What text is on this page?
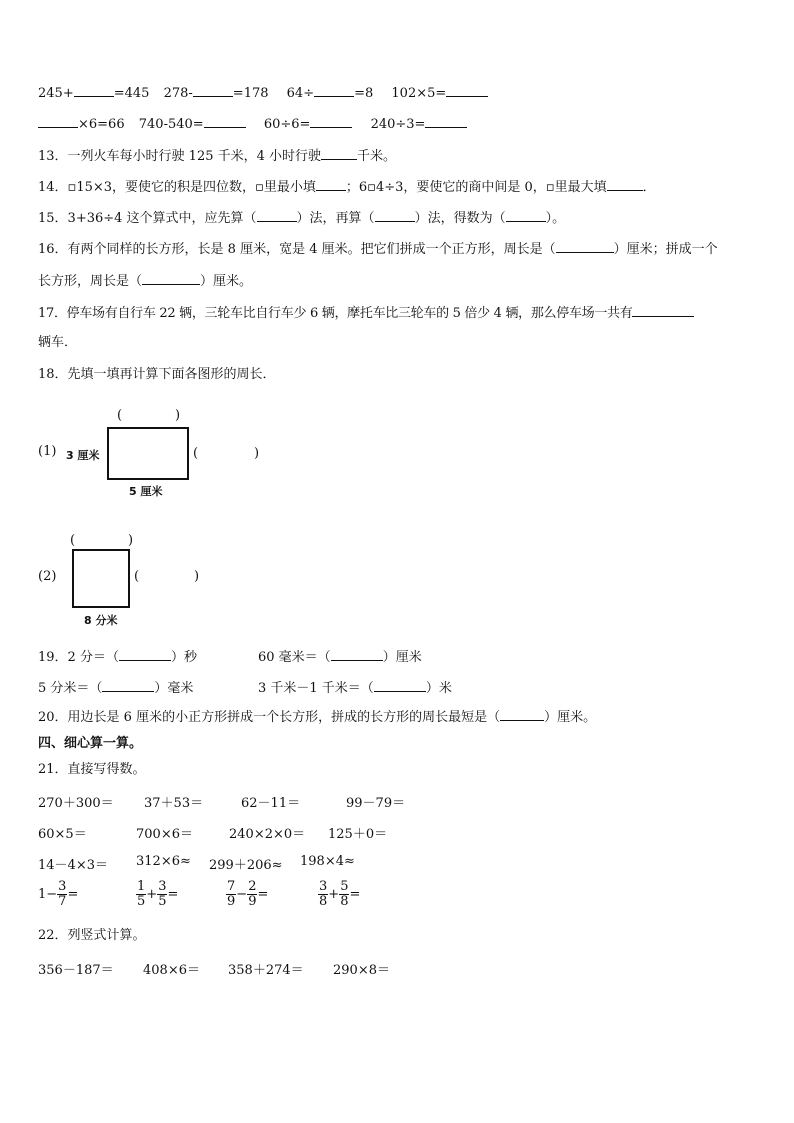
245+	=445 278-	=178 64÷	=8 102×5=
×6=66 740-540=	60÷6=	240÷3=
13．一列火车每小时行驶 125 千米，4 小时行驶	千米。
14．▫15×3，要使它的积是四位数，▫里最小填 ；6▫4÷3，要使它的商中间是 0，▫里最大填	．
15．3+36÷4 这个算式中，应先算（	）法，再算（	）法，得数为（	）。
16．有两个同样的长方形，长是 8 厘米，宽是 4 厘米。把它们拼成一个正方形，周长是（	）厘米；拼成一个
长方形，周长是（	）厘米。
17．停车场有自行车 22 辆，三轮车比自行车少 6 辆，摩托车比三轮车的 5 倍少 4 辆，那么停车场一共有
辆车．
18．先填一填再计算下面各图形的周长．
(1)
(	)
3 厘米
5 厘米
(	)
(2)
(	)
8 分米
(	)
19．2 分＝（	）秒	60 毫米＝（	）厘米
5 分米＝（	）毫米	3 千米－1 千米＝（	）米
20．用边长是 6 厘米的小正方形拼成一个长方形，拼成的长方形的周长最短是（	）厘米。
四、细心算一算。
21．直接写得数。
270＋300＝ 37＋53＝	62－11＝	99－79＝
60×5＝	700×6＝	240×2×0＝ 125＋0＝
14－4×3＝ 312×6≈ 299＋206≈ 198×4≈
$1- \frac{3}{7}$ =	$\frac{1}{5} + \frac{3}{5}$ =	$\frac{7}{9} - \frac{2}{9}$ =	$\frac{3}{8} + \frac{5}{8}$ =
22．列竖式计算。
356－187＝ 408×6＝ 358＋274＝ 290×8＝
